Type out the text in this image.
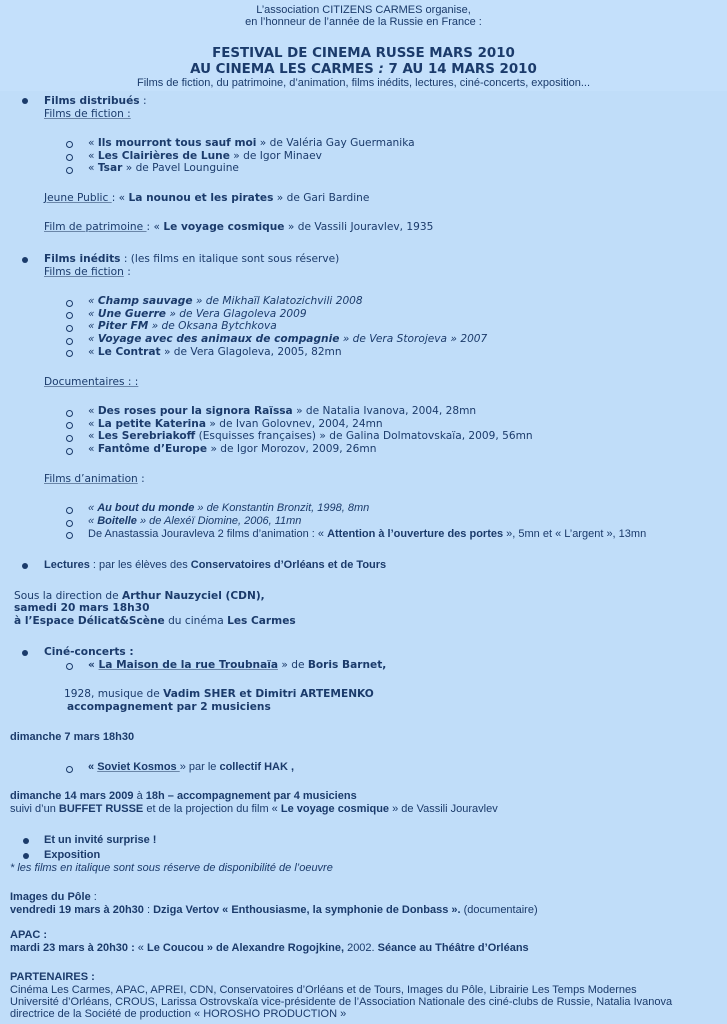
L’association CITIZENS CARMES organise,
en l’honneur de l’année de la Russie en France :
FESTIVAL DE CINEMA RUSSE MARS 2010
AU CINEMA LES CARMES : 7 AU 14 MARS 2010
Films de fiction, du patrimoine, d’animation, films inédits, lectures, ciné-concerts, exposition...
Films distribués :
Films de fiction :
« Ils mourront tous sauf moi » de Valéria Gay Guermanika
« Les Clairières de Lune » de Igor Minaev
« Tsar » de Pavel Lounguine
Jeune Public : « La nounou et les pirates » de Gari Bardine
Film de patrimoine : « Le voyage cosmique » de Vassili Jouravlev, 1935
Films inédits : (les films en italique sont sous réserve)
Films de fiction :
« Champ sauvage » de Mikhaïl Kalatozichvili 2008
« Une Guerre » de Vera Glagoleva 2009
« Piter FM » de Oksana Bytchkova
« Voyage avec des animaux de compagnie » de Vera Storojeva » 2007
« Le Contrat » de Vera Glagoleva, 2005, 82mn
Documentaires : :
« Des roses pour la signora Raïssa » de Natalia Ivanova, 2004, 28mn
« La petite Katerina » de Ivan Golovnev, 2004, 24mn
« Les Serebriakoff (Esquisses françaises) » de Galina Dolmatovskaïa, 2009, 56mn
« Fantôme d’Europe » de Igor Morozov, 2009, 26mn
Films d’animation :
« Au bout du monde » de Konstantin Bronzit, 1998, 8mn
« Boitelle » de Alexéï Diomine, 2006, 11mn
De Anastassia Jouravleva 2 films d’animation : « Attention à l’ouverture des portes », 5mn et « L’argent », 13mn
Lectures : par les élèves des Conservatoires d’Orléans et de Tours
Sous la direction de Arthur Nauzyciel (CDN),
samedi 20 mars 18h30
à l’Espace Délicat&Scène du cinéma Les Carmes
Ciné-concerts :
« La Maison de la rue Troubnaïa » de Boris Barnet,
1928, musique de Vadim SHER et Dimitri ARTEMENKO
accompagnement par 2 musiciens
dimanche 7 mars 18h30
« Soviet Kosmos » par le collectif HAK ,
dimanche 14 mars 2009 à 18h – accompagnement par 4 musiciens
suivi d’un BUFFET RUSSE et de la projection du film « Le voyage cosmique » de Vassili Jouravlev
Et un invité surprise !
Exposition
* les films en italique sont sous réserve de disponibilité de l’oeuvre
Images du Pôle :
vendredi 19 mars à 20h30 : Dziga Vertov « Enthousiasme, la symphonie de Donbass ». (documentaire)
APAC :
mardi 23 mars à 20h30 : « Le Coucou » de Alexandre Rogojkine, 2002. Séance au Théâtre d’Orléans
PARTENAIRES :
Cinéma Les Carmes, APAC, APREI, CDN, Conservatoires d’Orléans et de Tours, Images du Pôle, Librairie Les Temps Modernes
Université d’Orléans, CROUS, Larissa Ostrovskaïa vice-présidente de l’Association Nationale des ciné-clubs de Russie, Natalia Ivanova
directrice de la Société de production « HOROSHO PRODUCTION »
